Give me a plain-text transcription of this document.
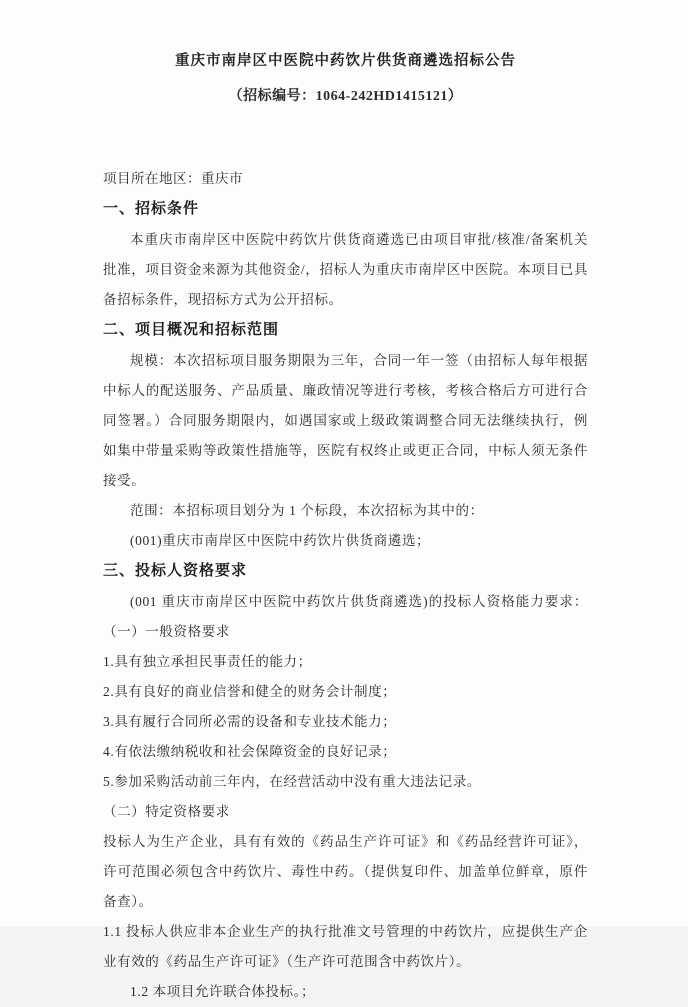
重庆市南岸区中医院中药饮片供货商遴选招标公告
（招标编号：1064-242HD1415121）
项目所在地区：重庆市
一、招标条件

本重庆市南岸区中医院中药饮片供货商遴选已由项目审批/核准/备案机关批准，项目资金来源为其他资金/，招标人为重庆市南岸区中医院。本项目已具备招标条件，现招标方式为公开招标。

二、项目概况和招标范围

规模：本次招标项目服务期限为三年，合同一年一签（由招标人每年根据中标人的配送服务、产品质量、廉政情况等进行考核，考核合格后方可进行合同签署。）合同服务期限内，如遇国家或上级政策调整合同无法继续执行，例如集中带量采购等政策性措施等，医院有权终止或更正合同，中标人须无条件接受。

范围：本招标项目划分为 1 个标段，本次招标为其中的：

(001)重庆市南岸区中医院中药饮片供货商遴选；

三、投标人资格要求

(001 重庆市南岸区中医院中药饮片供货商遴选)的投标人资格能力要求：（一）一般资格要求

1.具有独立承担民事责任的能力；

2.具有良好的商业信誉和健全的财务会计制度；

3.具有履行合同所必需的设备和专业技术能力；

4.有依法缴纳税收和社会保障资金的良好记录；

5.参加采购活动前三年内，在经营活动中没有重大违法记录。

（二）特定资格要求

投标人为生产企业，具有有效的《药品生产许可证》和《药品经营许可证》，许可范围必须包含中药饮片、毒性中药。（提供复印件、加盖单位鲜章，原件备查）。

1.1 投标人供应非本企业生产的执行批准文号管理的中药饮片，应提供生产企业有效的《药品生产许可证》（生产许可范围含中药饮片）。

1.2 本项目允许联合体投标。；
